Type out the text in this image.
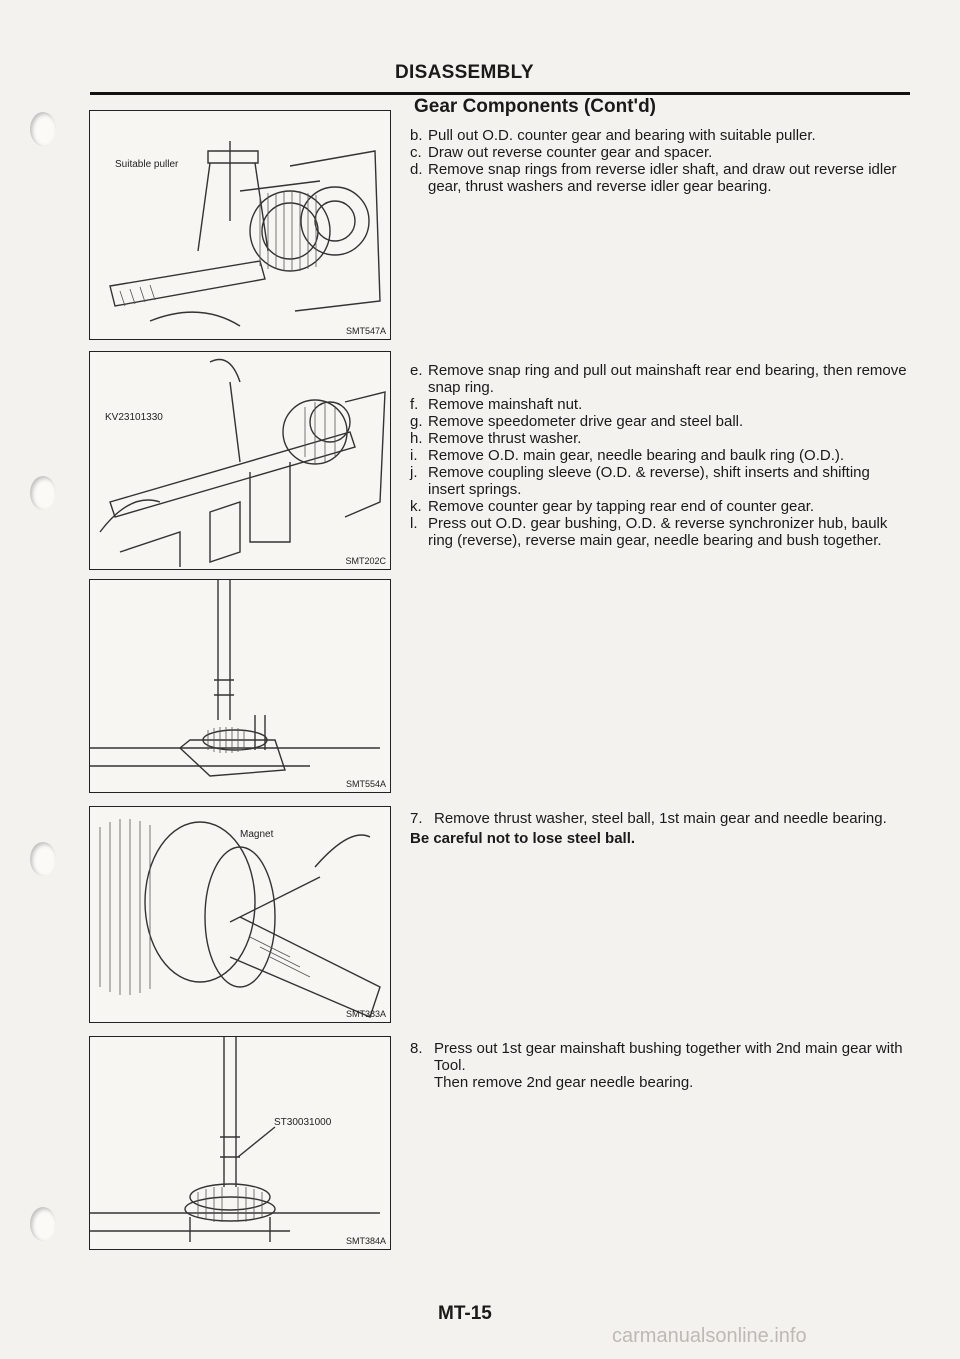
DISASSEMBLY
Gear Components (Cont'd)
Suitable puller
SMT547A
KV23101330
SMT202C
SMT554A
Magnet
SMT383A
ST30031000
SMT384A
b. Pull out O.D. counter gear and bearing with suitable puller.
c. Draw out reverse counter gear and spacer.
d. Remove snap rings from reverse idler shaft, and draw out reverse idler gear, thrust washers and reverse idler gear bearing.
e. Remove snap ring and pull out mainshaft rear end bearing, then remove snap ring.
f. Remove mainshaft nut.
g. Remove speedometer drive gear and steel ball.
h. Remove thrust washer.
i. Remove O.D. main gear, needle bearing and baulk ring (O.D.).
j. Remove coupling sleeve (O.D. & reverse), shift inserts and shifting insert springs.
k. Remove counter gear by tapping rear end of counter gear.
l. Press out O.D. gear bushing, O.D. & reverse synchronizer hub, baulk ring (reverse), reverse main gear, needle bearing and bush together.
7. Remove thrust washer, steel ball, 1st main gear and needle bearing.
Be careful not to lose steel ball.
8. Press out 1st gear mainshaft bushing together with 2nd main gear with Tool.
Then remove 2nd gear needle bearing.
MT-15
carmanualsonline.info
